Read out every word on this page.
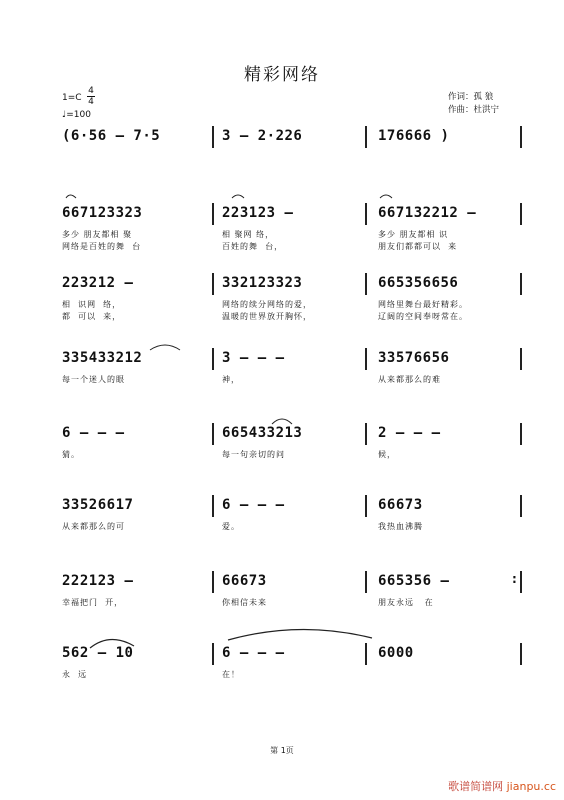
精彩网络
作词：孤 狼
作曲：杜洪宁
1=C
4
4
♩=100
(6·56 — 7·5	3 — 2·226	176666 )
667123323
多少 朋友都相 聚
网络是百姓的舞  台
223123 —
相 聚网 络，
百姓的舞  台，
667132212 —
多少 朋友都相 识
朋友们都都可以  来
223212 —
相  识网  络，
都  可以  来，
332123323
网络的续分网络的爱，
温暖的世界放开胸怀，
665356656
网络里舞台最好精彩。
辽阔的空间奉呀常在。
335433212
每一个迷人的眼
3 — — —
神，
33576656
从来都那么的难
6 — — —
猜。
665433213
每一句亲切的问
2 — — —
候，
33526617
从来都那么的可
6 — — —
爱。
66673
我热血沸腾
222123 —
幸福把门  开，
66673
你相信未来
665356 —
朋友永远   在
562 — 10
永  远
6 — — —
在！
6000
:
第 1页
歌谱简谱网 jianpu.cc
